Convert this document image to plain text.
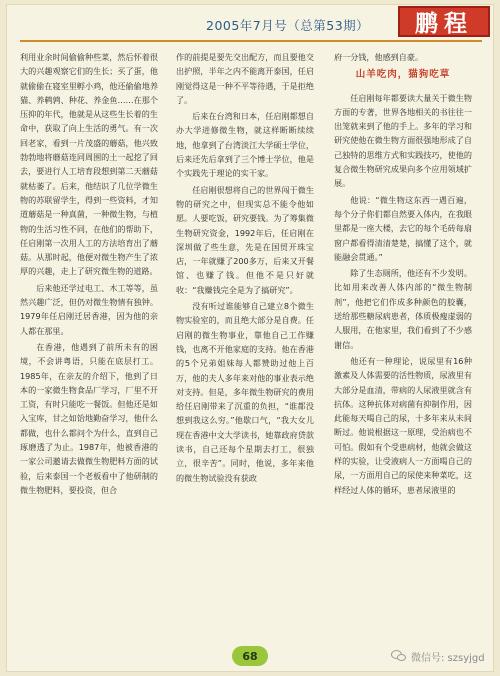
2005年7月号（总第53期） 鹏程

利用业余时间偷偷种些菜，然后怀着很大的兴趣观察它们的生长；买了蛋，他就偷偷在寝室里孵小鸡，他还偷偷地养猫、养鹌鹑、种花、养金鱼……在那个压抑的年代，他就是从这些生长着的生命中，获取了向上生活的勇气。有一次回老家，看到一片茂盛的蘑菇，他兴致勃勃地将蘑菇连同周围的土一起挖了回去，要进行人工培育段想到第二天蘑菇就枯萎了。后来，他结识了几位学微生物的苏联留学生，得到一些资料，才知道蘑菇是一种真菌，一种微生物，与植物的生活习性不同，在他们的帮助下，任启刚第一次用人工的方法培育出了蘑菇。从那时起，他便对微生物产生了浓厚的兴趣，走上了研究微生物的道路。

后来他还学过电工、木工等等，虽然兴趣广泛，但仍对微生物情有独钟。1979年任启刚迁居香港，因为他的亲人都在那里。

在香港，他遇到了前所未有的困境，不会讲粤语，只能在底层打工。1985年，在亲友的介绍下，他到了日本的一家微生物食品厂学习，厂里不开工资，有时只能吃一餐饭。但他还是如入宝库，甘之如饴地勤奋学习，他什么都做，也什么都问个为什么，直到自己琢磨透了为止。1987年，他被香港的一家公司邀请去做微生物肥料方面的试验，后来泰国一个老板看中了他研制的微生物肥料，要投资，但合

作的前提是要先交出配方，而且要他交出护照，半年之内不能离开泰国，任启刚觉得这是一种不平等待遇，于是拒绝了。

后来在台湾和日本，任启刚都想自办大学进修微生物，就这样断断续续地，他拿到了台湾淡江大学硕士学位，后来还先后拿到了三个博士学位，他是个实践先于理论的实干家。

任启刚很想将自己的世界闯于微生物的研究之中，但现实总不能令他如愿。人要吃饭，研究要钱。为了筹集微生物研究资金，1992年后，任启刚在深圳做了些生意，先是在国贸开珠宝店，一年就赚了200多万，后来又开餐馆、也赚了钱。但他不是只好就收：“我赚钱完全是为了搞研究”。

没有听过谁能够自己建立8个微生物实验室的，而且绝大部分是自费。任启刚的微生物事业，靠他自己工作赚钱，也离不开他家庭的支持。他在香港的5个兄弟姐妹每人都赞助过他上百万，他的夫人多年来对他的事业表示绝对支持。但是，多年微生物研究的费用给任启刚带来了沉重的负担，“谁都没想到我这么穷。”他歇口气，“我大女儿现在香港中文大学读书，她靠政府贷款读书，自己还每个星期去打工，很独立，很辛苦”。同时，他说，多年来他的微生物试验没有获政

府一分钱，他感到自豪。

山羊吃肉，猫狗吃草

任启刚每年都要读大量关于微生物方面的专著，世界各地相关的书往往一出笼就来到了他的手上。多年的学习和研究使他在微生物方面很强地形成了自己独特的思维方式和实践技巧，使他的复合微生物研究成果向多个应用领域扩展。

他说：“微生物这东西一遇百遍，每个分子你们都自然要入体内，在我眼里都是一座大楼，去它的每个毛砖每扇窗户都看得清清楚楚，搞懂了这个，就能融会贯通。”

除了生态厕所，他还有不少发明。比如用来改善人体内部的“微生物制剂”，他把它们作成多种颜色的胶囊，送给那些糖尿病患者，体质极瘦虚弱的人服用，在他家里，我们看到了不少感谢信。

他还有一种理论，说尿里有16种激素及人体需要的活性物质，尿液里有大部分是血清，带病的人尿液里就含有抗体。这种抗体对病菌有抑制作用，因此能每天喝自己的尿，十多年来从未间断过。他说根据这一原理，受治病也不可怕。假如有个受患病材，他就会做这样的实验，让受液病人一方面喝自己的尿，一方面用自己的尿使来种菜吃，这样经过人体的循环，患者尿液里的

68	微信号: szsyjgd
